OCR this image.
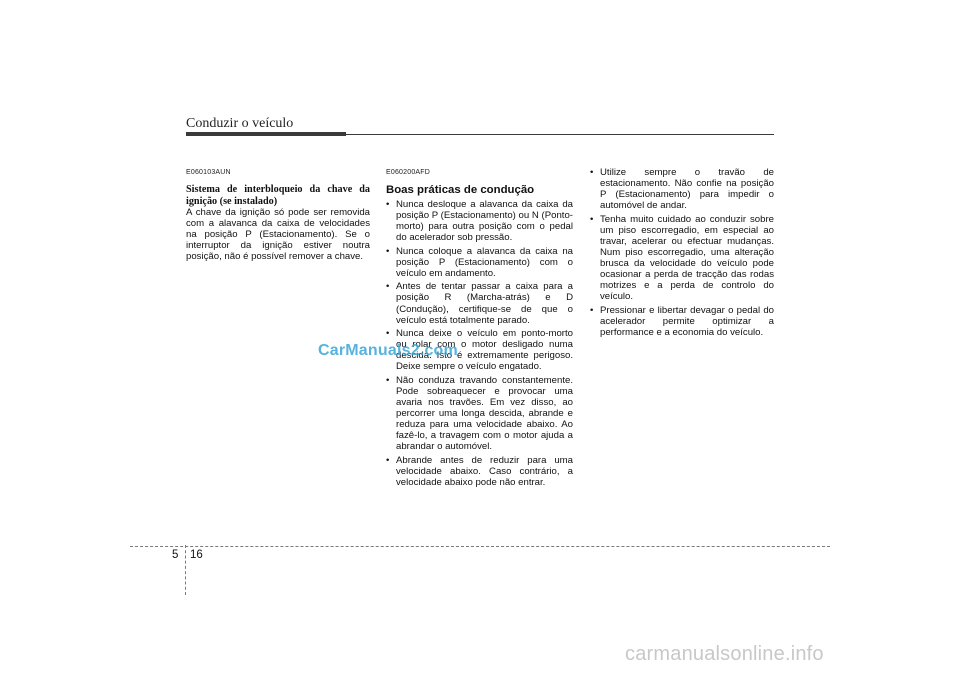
Conduzir o veículo
E060103AUN
Sistema de interbloqueio da chave da ignição (se instalado)

A chave da ignição só pode ser removida com a alavanca da caixa de velocidades na posição P (Estacionamento). Se o interruptor da ignição estiver noutra posição, não é possível remover a chave.

E060200AFD
Boas práticas de condução
• Nunca desloque a alavanca da caixa da posição P (Estacionamento) ou N (Ponto-morto) para outra posição com o pedal do acelerador sob pressão.
• Nunca coloque a alavanca da caixa na posição P (Estacionamento) com o veículo em andamento.
• Antes de tentar passar a caixa para a posição R (Marcha-atrás) e D (Condução), certifique-se de que o veículo está totalmente parado.
• Nunca deixe o veículo em ponto-morto ou rolar com o motor desligado numa descida. Isto é extremamente perigoso. Deixe sempre o veículo engatado.
• Não conduza travando constantemente. Pode sobreaquecer e provocar uma avaria nos travões. Em vez disso, ao percorrer uma longa descida, abrande e reduza para uma velocidade abaixo. Ao fazê-lo, a travagem com o motor ajuda a abrandar o automóvel.
• Abrande antes de reduzir para uma velocidade abaixo. Caso contrário, a velocidade abaixo pode não entrar.
• Utilize sempre o travão de estacionamento. Não confie na posição P (Estacionamento) para impedir o automóvel de andar.
• Tenha muito cuidado ao conduzir sobre um piso escorregadio, em especial ao travar, acelerar ou efectuar mudanças. Num piso escorregadio, uma alteração brusca da velocidade do veículo pode ocasionar a perda de tracção das rodas motrizes e a perda de controlo do veículo.
• Pressionar e libertar devagar o pedal do acelerador permite optimizar a performance e a economia do veículo.
CarManuals2.com
5 16
carmanualsonline.info
